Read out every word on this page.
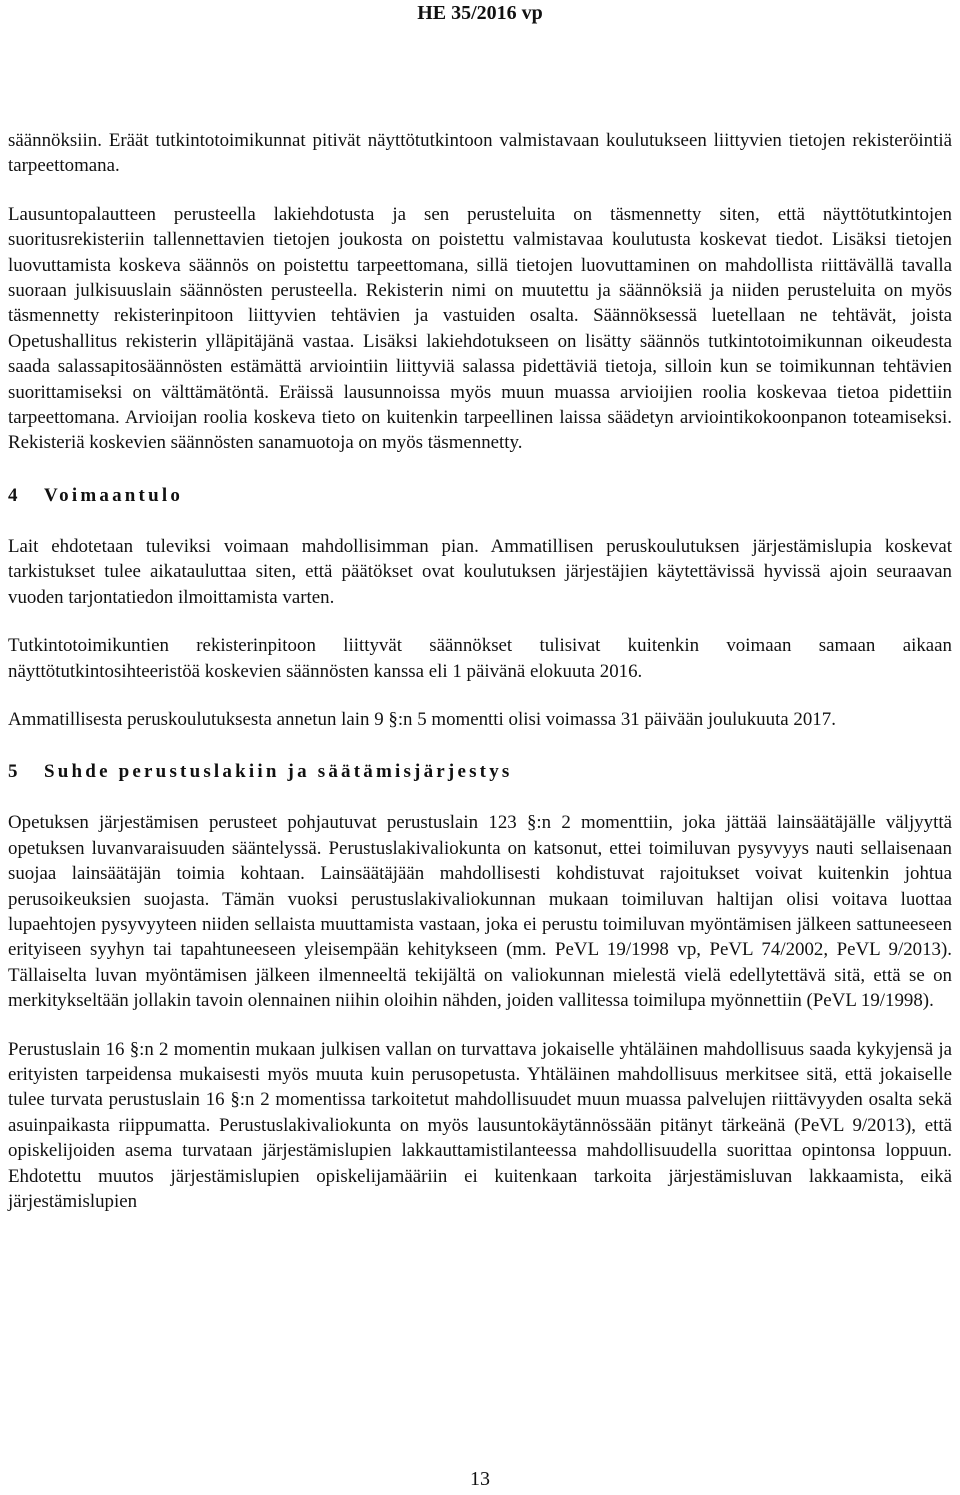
HE 35/2016 vp

säännöksiin. Eräät tutkintotoimikunnat pitivät näyttötutkintoon valmistavaan koulutukseen liittyvien tietojen rekisteröintiä tarpeettomana.

Lausuntopalautteen perusteella lakiehdotusta ja sen perusteluita on täsmennetty siten, että näyttötutkintojen suoritusrekisteriin tallennettavien tietojen joukosta on poistettu valmistavaa koulutusta koskevat tiedot. Lisäksi tietojen luovuttamista koskeva säännös on poistettu tarpeettomana, sillä tietojen luovuttaminen on mahdollista riittävällä tavalla suoraan julkisuuslain säännösten perusteella. Rekisterin nimi on muutettu ja säännöksiä ja niiden perusteluita on myös täsmennetty rekisterinpitoon liittyvien tehtävien ja vastuiden osalta. Säännöksessä luetellaan ne tehtävät, joista Opetushallitus rekisterin ylläpitäjänä vastaa. Lisäksi lakiehdotukseen on lisätty säännös tutkintotoimikunnan oikeudesta saada salassapitosäännösten estämättä arviointiin liittyviä salassa pidettäviä tietoja, silloin kun se toimikunnan tehtävien suorittamiseksi on välttämätöntä. Eräissä lausunnoissa myös muun muassa arvioijien roolia koskevaa tietoa pidettiin tarpeettomana. Arvioijan roolia koskeva tieto on kuitenkin tarpeellinen laissa säädetyn arviointikokoonpanon toteamiseksi. Rekisteriä koskevien säännösten sanamuotoja on myös täsmennetty.

4 Voimaantulo

Lait ehdotetaan tuleviksi voimaan mahdollisimman pian. Ammatillisen peruskoulutuksen järjestämislupia koskevat tarkistukset tulee aikatauluttaa siten, että päätökset ovat koulutuksen järjestäjien käytettävissä hyvissä ajoin seuraavan vuoden tarjontatiedon ilmoittamista varten.

Tutkintotoimikuntien rekisterinpitoon liittyvät säännökset tulisivat kuitenkin voimaan samaan aikaan näyttötutkintosihteeristöä koskevien säännösten kanssa eli 1 päivänä elokuuta 2016.

Ammatillisesta peruskoulutuksesta annetun lain 9 §:n 5 momentti olisi voimassa 31 päivään joulukuuta 2017.

5 Suhde perustuslakiin ja säätämisjärjestys

Opetuksen järjestämisen perusteet pohjautuvat perustuslain 123 §:n 2 momenttiin, joka jättää lainsäätäjälle väljyyttä opetuksen luvanvaraisuuden sääntelyssä. Perustuslakivaliokunta on katsonut, ettei toimiluvan pysyvyys nauti sellaisenaan suojaa lainsäätäjän toimia kohtaan. Lainsäätäjään mahdollisesti kohdistuvat rajoitukset voivat kuitenkin johtua perusoikeuksien suojasta. Tämän vuoksi perustuslakivaliokunnan mukaan toimiluvan haltijan olisi voitava luottaa lupaehtojen pysyvyyteen niiden sellaista muuttamista vastaan, joka ei perustu toimiluvan myöntämisen jälkeen sattuneeseen erityiseen syyhyn tai tapahtuneeseen yleisempään kehitykseen (mm. PeVL 19/1998 vp, PeVL 74/2002, PeVL 9/2013). Tällaiselta luvan myöntämisen jälkeen ilmenneeltä tekijältä on valiokunnan mielestä vielä edellytettävä sitä, että se on merkitykseltään jollakin tavoin olennainen niihin oloihin nähden, joiden vallitessa toimilupa myönnettiin (PeVL 19/1998).

Perustuslain 16 §:n 2 momentin mukaan julkisen vallan on turvattava jokaiselle yhtäläinen mahdollisuus saada kykyjensä ja erityisten tarpeidensa mukaisesti myös muuta kuin perusopetusta. Yhtäläinen mahdollisuus merkitsee sitä, että jokaiselle tulee turvata perustuslain 16 §:n 2 momentissa tarkoitetut mahdollisuudet muun muassa palvelujen riittävyyden osalta sekä asuinpaikasta riippumatta. Perustuslakivaliokunta on myös lausuntokäytännössään pitänyt tärkeänä (PeVL 9/2013), että opiskelijoiden asema turvataan järjestämislupien lakkauttamistilanteessa mahdollisuudella suorittaa opintonsa loppuun. Ehdotettu muutos järjestämislupien opiskelijamääriin ei kuitenkaan tarkoita järjestämisluvan lakkaamista, eikä järjestämislupien

13
